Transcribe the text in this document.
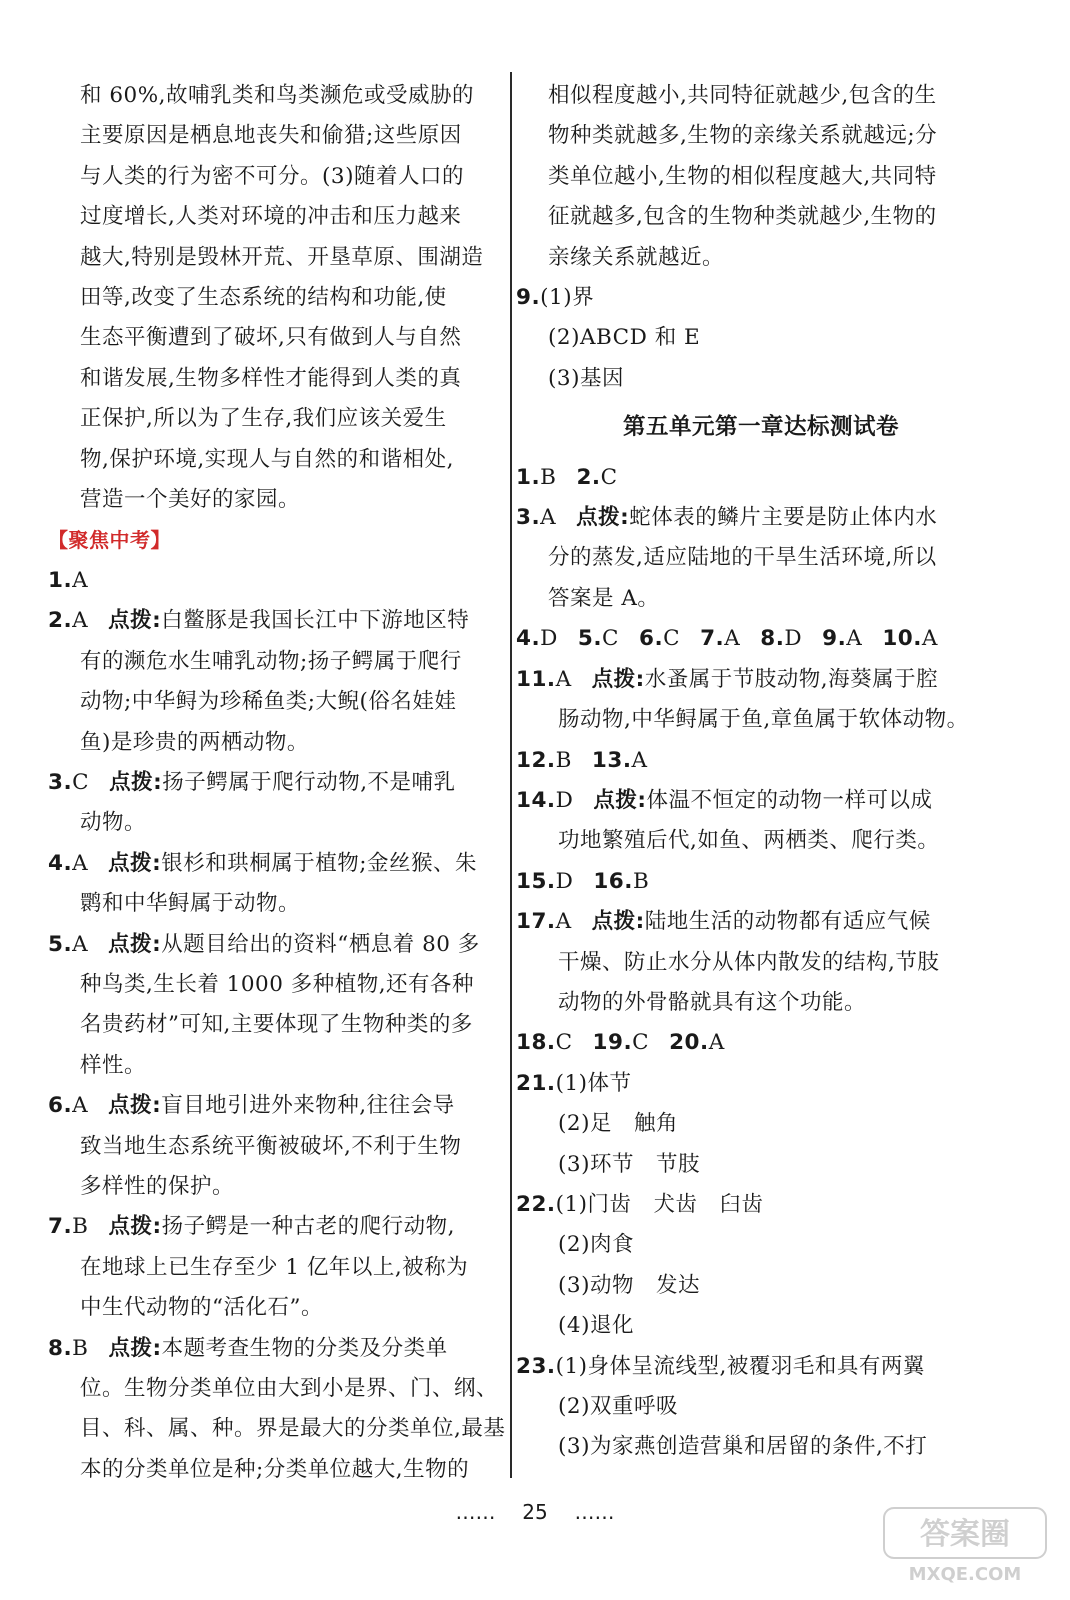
和 60%,故哺乳类和鸟类濒危或受威胁的
主要原因是栖息地丧失和偷猎;这些原因
与人类的行为密不可分。(3)随着人口的
过度增长,人类对环境的冲击和压力越来
越大,特别是毁林开荒、开垦草原、围湖造
田等,改变了生态系统的结构和功能,使
生态平衡遭到了破坏,只有做到人与自然
和谐发展,生物多样性才能得到人类的真
正保护,所以为了生存,我们应该关爱生
物,保护环境,实现人与自然的和谐相处,
营造一个美好的家园。
【聚焦中考】
1.A
2.A 点拨:白鳖豚是我国长江中下游地区特
有的濒危水生哺乳动物;扬子鳄属于爬行
动物;中华鲟为珍稀鱼类;大鲵(俗名娃娃
鱼)是珍贵的两栖动物。
3.C 点拨:扬子鳄属于爬行动物,不是哺乳
动物。
4.A 点拨:银杉和珙桐属于植物;金丝猴、朱
鹮和中华鲟属于动物。
5.A 点拨:从题目给出的资料“栖息着 80 多
种鸟类,生长着 1000 多种植物,还有各种
名贵药材”可知,主要体现了生物种类的多
样性。
6.A 点拨:盲目地引进外来物种,往往会导
致当地生态系统平衡被破坏,不利于生物
多样性的保护。
7.B 点拨:扬子鳄是一种古老的爬行动物,
在地球上已生存至少 1 亿年以上,被称为
中生代动物的“活化石”。
8.B 点拨:本题考查生物的分类及分类单
位。生物分类单位由大到小是界、门、纲、
目、科、属、种。界是最大的分类单位,最基
本的分类单位是种;分类单位越大,生物的
相似程度越小,共同特征就越少,包含的生
物种类就越多,生物的亲缘关系就越远;分
类单位越小,生物的相似程度越大,共同特
征就越多,包含的生物种类就越少,生物的
亲缘关系就越近。
9.(1)界
(2)ABCD 和 E
(3)基因
第五单元第一章达标测试卷
1.B 2.C
3.A 点拨:蛇体表的鳞片主要是防止体内水
分的蒸发,适应陆地的干旱生活环境,所以
答案是 A。
4.D 5.C 6.C 7.A 8.D 9.A 10.A
11.A 点拨:水蚤属于节肢动物,海葵属于腔
肠动物,中华鲟属于鱼,章鱼属于软体动物。
12.B 13.A
14.D 点拨:体温不恒定的动物一样可以成
功地繁殖后代,如鱼、两栖类、爬行类。
15.D 16.B
17.A 点拨:陆地生活的动物都有适应气候
干燥、防止水分从体内散发的结构,节肢
动物的外骨骼就具有这个功能。
18.C 19.C 20.A
21.(1)体节
(2)足　触角
(3)环节　节肢
22.(1)门齿　犬齿　臼齿
(2)肉食
(3)动物　发达
(4)退化
23.(1)身体呈流线型,被覆羽毛和具有两翼
(2)双重呼吸
(3)为家燕创造营巢和居留的条件,不打
…… 25 ……
答案圈
MXQE.COM
